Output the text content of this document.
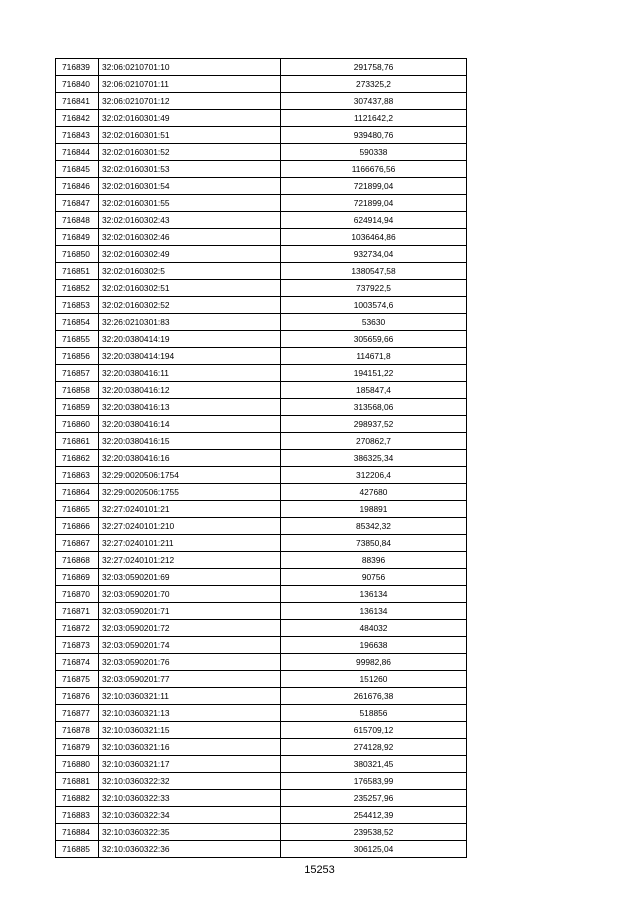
716839	32:06:0210701:10	291758,76
716840	32:06:0210701:11	273325,2
716841	32:06:0210701:12	307437,88
716842	32:02:0160301:49	1121642,2
716843	32:02:0160301:51	939480,76
716844	32:02:0160301:52	590338
716845	32:02:0160301:53	1166676,56
716846	32:02:0160301:54	721899,04
716847	32:02:0160301:55	721899,04
716848	32:02:0160302:43	624914,94
716849	32:02:0160302:46	1036464,86
716850	32:02:0160302:49	932734,04
716851	32:02:0160302:5	1380547,58
716852	32:02:0160302:51	737922,5
716853	32:02:0160302:52	1003574,6
716854	32:26:0210301:83	53630
716855	32:20:0380414:19	305659,66
716856	32:20:0380414:194	114671,8
716857	32:20:0380416:11	194151,22
716858	32:20:0380416:12	185847,4
716859	32:20:0380416:13	313568,06
716860	32:20:0380416:14	298937,52
716861	32:20:0380416:15	270862,7
716862	32:20:0380416:16	386325,34
716863	32:29:0020506:1754	312206,4
716864	32:29:0020506:1755	427680
716865	32:27:0240101:21	198891
716866	32:27:0240101:210	85342,32
716867	32:27:0240101:211	73850,84
716868	32:27:0240101:212	88396
716869	32:03:0590201:69	90756
716870	32:03:0590201:70	136134
716871	32:03:0590201:71	136134
716872	32:03:0590201:72	484032
716873	32:03:0590201:74	196638
716874	32:03:0590201:76	99982,86
716875	32:03:0590201:77	151260
716876	32:10:0360321:11	261676,38
716877	32:10:0360321:13	518856
716878	32:10:0360321:15	615709,12
716879	32:10:0360321:16	274128,92
716880	32:10:0360321:17	380321,45
716881	32:10:0360322:32	176583,99
716882	32:10:0360322:33	235257,96
716883	32:10:0360322:34	254412,39
716884	32:10:0360322:35	239538,52
716885	32:10:0360322:36	306125,04
15253
